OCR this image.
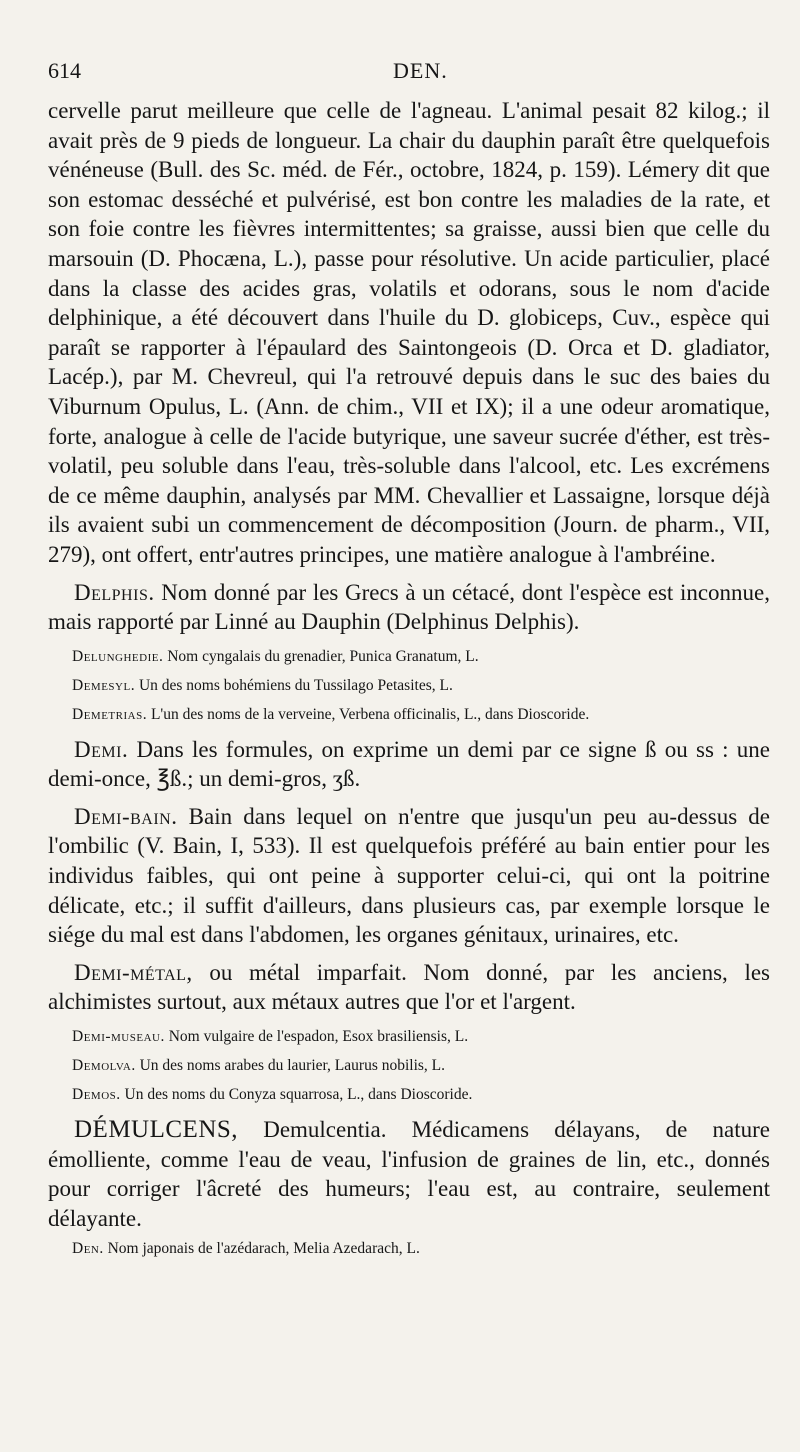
614	DEN.

cervelle parut meilleure que celle de l'agneau. L'animal pesait 82 kilog.; il avait près de 9 pieds de longueur. La chair du dauphin paraît être quelquefois vénéneuse (Bull. des Sc. méd. de Fér., octobre, 1824, p. 159). Lémery dit que son estomac desséché et pulvérisé, est bon contre les maladies de la rate, et son foie contre les fièvres intermittentes; sa graisse, aussi bien que celle du marsouin (D. Phocæna, L.), passe pour résolutive. Un acide particulier, placé dans la classe des acides gras, volatils et odorans, sous le nom d'acide delphinique, a été découvert dans l'huile du D. globiceps, Cuv., espèce qui paraît se rapporter à l'épaulard des Saintongeois (D. Orca et D. gladiator, Lacép.), par M. Chevreul, qui l'a retrouvé depuis dans le suc des baies du Viburnum Opulus, L. (Ann. de chim., VII et IX); il a une odeur aromatique, forte, analogue à celle de l'acide butyrique, une saveur sucrée d'éther, est très-volatil, peu soluble dans l'eau, très-soluble dans l'alcool, etc. Les excrémens de ce même dauphin, analysés par MM. Chevallier et Lassaigne, lorsque déjà ils avaient subi un commencement de décomposition (Journ. de pharm., VII, 279), ont offert, entr'autres principes, une matière analogue à l'ambréine.

Delphis. Nom donné par les Grecs à un cétacé, dont l'espèce est inconnue, mais rapporté par Linné au Dauphin (Delphinus Delphis).

Delunghedie. Nom cyngalais du grenadier, Punica Granatum, L.

Demesyl. Un des noms bohémiens du Tussilago Petasites, L.

Demetrias. L'un des noms de la verveine, Verbena officinalis, L., dans Dioscoride.

Demi. Dans les formules, on exprime un demi par ce signe ß ou ss : une demi-once, ℥ß.; un demi-gros, ʒß.

Demi-bain. Bain dans lequel on n'entre que jusqu'un peu au-dessus de l'ombilic (V. Bain, I, 533). Il est quelquefois préféré au bain entier pour les individus faibles, qui ont peine à supporter celui-ci, qui ont la poitrine délicate, etc.; il suffit d'ailleurs, dans plusieurs cas, par exemple lorsque le siége du mal est dans l'abdomen, les organes génitaux, urinaires, etc.

Demi-métal, ou métal imparfait. Nom donné, par les anciens, les alchimistes surtout, aux métaux autres que l'or et l'argent.

Demi-museau. Nom vulgaire de l'espadon, Esox brasiliensis, L.

Demolva. Un des noms arabes du laurier, Laurus nobilis, L.

Demos. Un des noms du Conyza squarrosa, L., dans Dioscoride.

DÉMULCENS, Demulcentia. Médicamens délayans, de nature émolliente, comme l'eau de veau, l'infusion de graines de lin, etc., donnés pour corriger l'âcreté des humeurs; l'eau est, au contraire, seulement délayante.

Den. Nom japonais de l'azédarach, Melia Azedarach, L.
